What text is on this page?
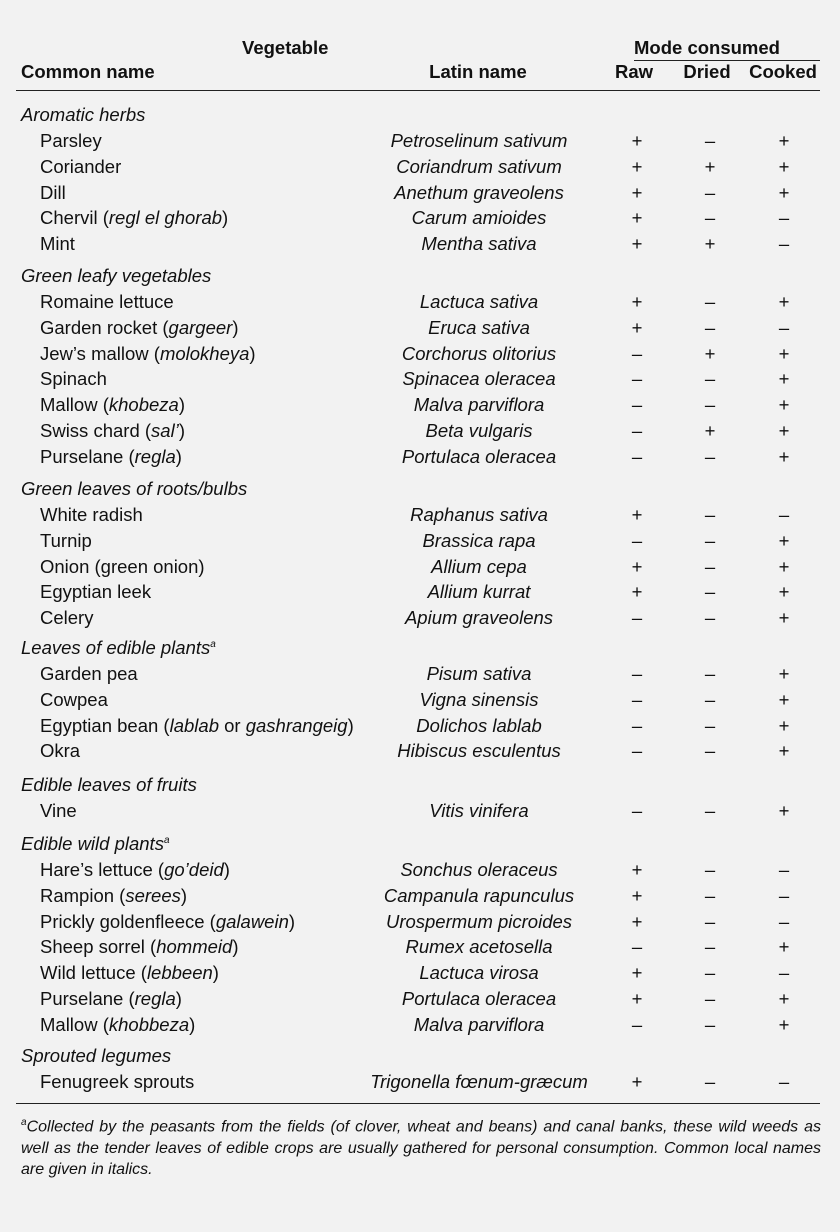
Vegetable	Mode consumed
Common name	Latin name	Raw Dried Cooked
Aromatic herbs
Parsley	Petroselinum sativum	+	–	+
Coriander	Coriandrum sativum	+	+	+
Dill	Anethum graveolens	+	–	+
Chervil (regl el ghorab)	Carum amioides	+	–	–
Mint	Mentha sativa	+	+	–
Green leafy vegetables
Romaine lettuce	Lactuca sativa	+	–	+
Garden rocket (gargeer)	Eruca sativa	+	–	–
Jew’s mallow (molokheya)	Corchorus olitorius	–	+	+
Spinach	Spinacea oleracea	–	–	+
Mallow (khobeza)	Malva parviflora	–	–	+
Swiss chard (sal’)	Beta vulgaris	–	+	+
Purselane (regla)	Portulaca oleracea	–	–	+
Green leaves of roots/bulbs
White radish	Raphanus sativa	+	–	–
Turnip	Brassica rapa	–	–	+
Onion (green onion)	Allium cepa	+	–	+
Egyptian leek	Allium kurrat	+	–	+
Celery	Apium graveolens	–	–	+
Leaves of edible plants$^a$
Garden pea	Pisum sativa	–	–	+
Cowpea	Vigna sinensis	–	–	+
Egyptian bean (lablab or gashrangeig)	Dolichos lablab	–	–	+
Okra	Hibiscus esculentus	–	–	+
Edible leaves of fruits
Vine	Vitis vinifera	–	–	+
Edible wild plants$^a$
Hare’s lettuce (go’deid)	Sonchus oleraceus	+	–	–
Rampion (serees)	Campanula rapunculus	+	–	–
Prickly goldenfleece (galawein)	Urospermum picroides	+	–	–
Sheep sorrel (hommeid)	Rumex acetosella	–	–	+
Wild lettuce (lebbeen)	Lactuca virosa	+	–	–
Purselane (regla)	Portulaca oleracea	+	–	+
Mallow (khobbeza)	Malva parviflora	–	–	+
Sprouted legumes
Fenugreek sprouts	Trigonella fœnum-græcum +	–	–
$^a$Collected by the peasants from the fields (of clover, wheat and beans) and canal banks, these wild weeds as well as the tender leaves of edible crops are usually gathered for personal consumption. Common local names are given in italics.
